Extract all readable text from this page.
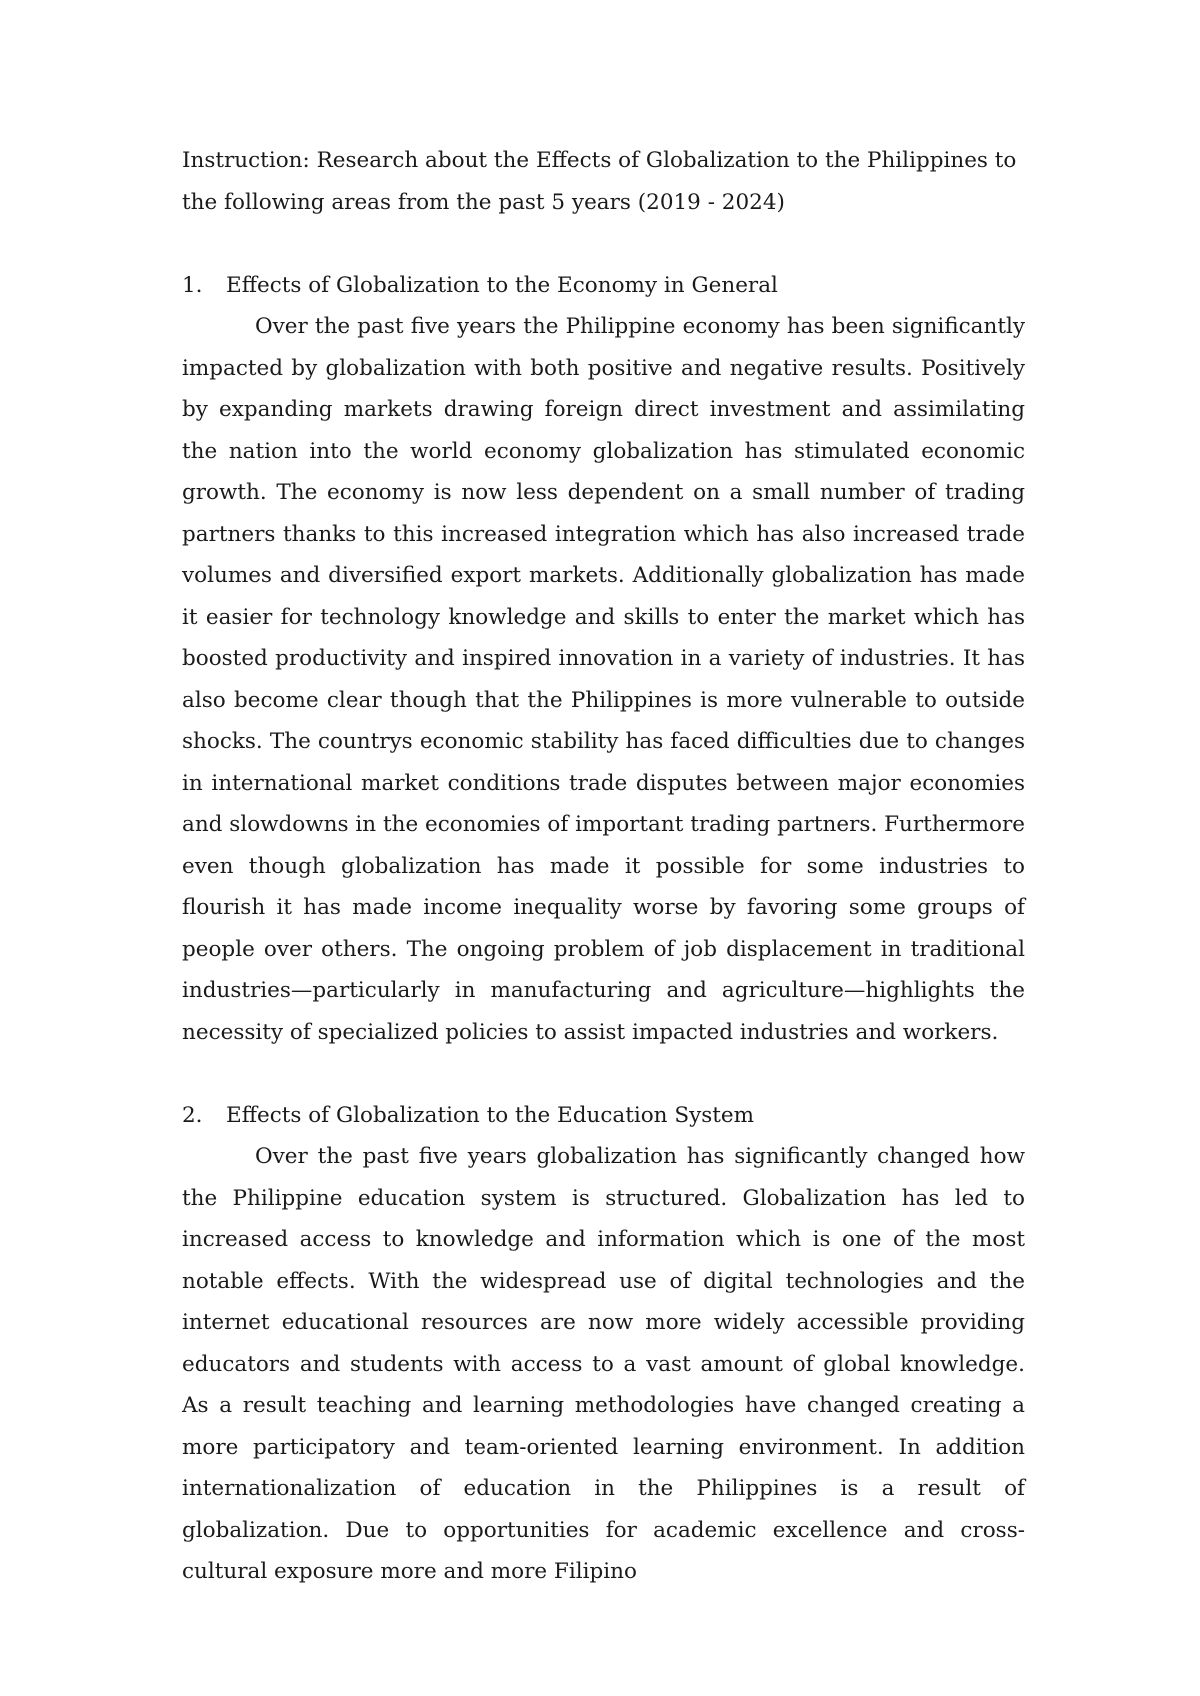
Instruction: Research about the Effects of Globalization to the Philippines to the following areas from the past 5 years (2019 - 2024)

1.	Effects of Globalization to the Economy in General

Over the past five years the Philippine economy has been significantly impacted by globalization with both positive and negative results. Positively by expanding markets drawing foreign direct investment and assimilating the nation into the world economy globalization has stimulated economic growth. The economy is now less dependent on a small number of trading partners thanks to this increased integration which has also increased trade volumes and diversified export markets. Additionally globalization has made it easier for technology knowledge and skills to enter the market which has boosted productivity and inspired innovation in a variety of industries. It has also become clear though that the Philippines is more vulnerable to outside shocks. The countrys economic stability has faced difficulties due to changes in international market conditions trade disputes between major economies and slowdowns in the economies of important trading partners. Furthermore even though globalization has made it possible for some industries to flourish it has made income inequality worse by favoring some groups of people over others. The ongoing problem of job displacement in traditional industries—particularly in manufacturing and agriculture—highlights the necessity of specialized policies to assist impacted industries and workers.

2.	Effects of Globalization to the Education System

Over the past five years globalization has significantly changed how the Philippine education system is structured. Globalization has led to increased access to knowledge and information which is one of the most notable effects. With the widespread use of digital technologies and the internet educational resources are now more widely accessible providing educators and students with access to a vast amount of global knowledge. As a result teaching and learning methodologies have changed creating a more participatory and team-oriented learning environment. In addition internationalization of education in the Philippines is a result of globalization. Due to opportunities for academic excellence and cross-cultural exposure more and more Filipino
